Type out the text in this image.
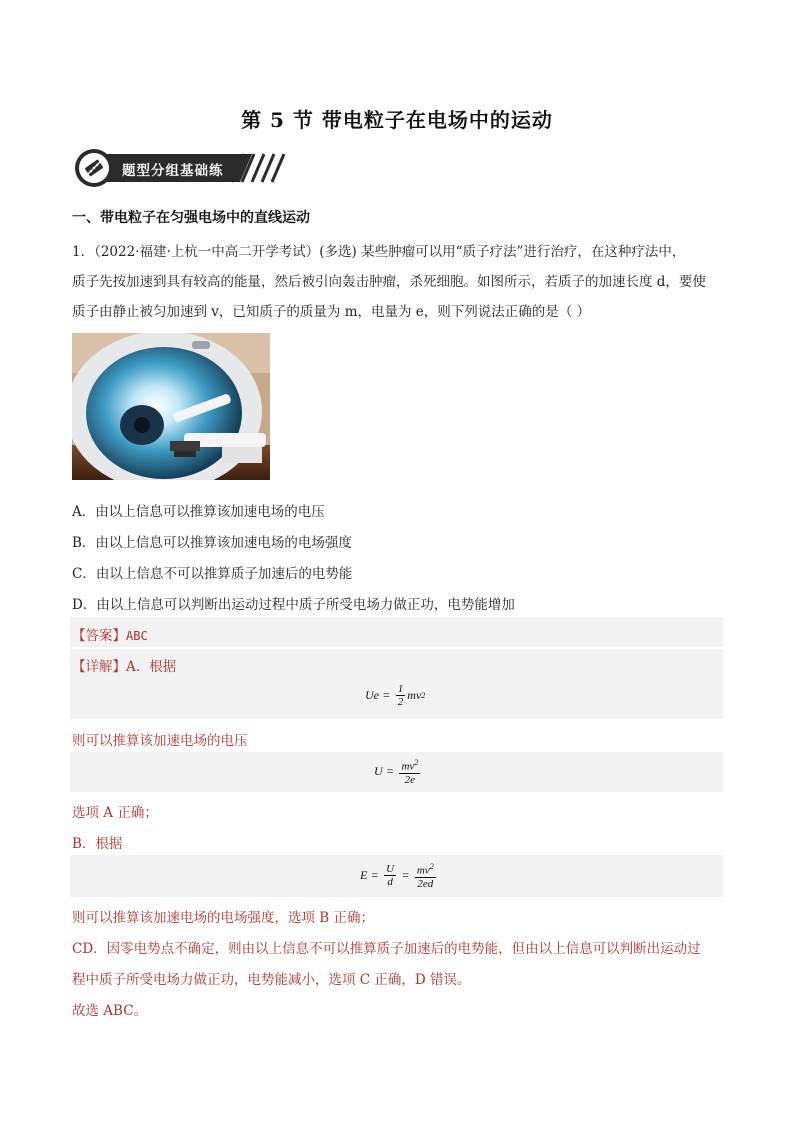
第 5 节 带电粒子在电场中的运动
题型分组基础练
一、带电粒子在匀强电场中的直线运动
1．（2022·福建·上杭一中高二开学考试）(多选) 某些肿瘤可以用“质子疗法”进行治疗，在这种疗法中，
质子先按加速到具有较高的能量，然后被引向轰击肿瘤，杀死细胞。如图所示，若质子的加速长度 d，要使
质子由静止被匀加速到 v，已知质子的质量为 m，电量为 e，则下列说法正确的是（ ）
A．由以上信息可以推算该加速电场的电压
B．由以上信息可以推算该加速电场的电场强度
C．由以上信息不可以推算质子加速后的电势能
D．由以上信息可以判断出运动过程中质子所受电场力做正功，电势能增加
【答案】ABC
【详解】A．根据
$Ue = \frac{1}{2}$ mv 2
则可以推算该加速电场的电压
$U = \frac{mv^2}{2e}$
选项 A 正确；
B．根据
$E = \frac{U}{d} = \frac{mv^2}{2ed}$
则可以推算该加速电场的电场强度，选项 B 正确；
CD．因零电势点不确定，则由以上信息不可以推算质子加速后的电势能，但由以上信息可以判断出运动过
程中质子所受电场力做正功，电势能减小，选项 C 正确，D 错误。
故选 ABC。
